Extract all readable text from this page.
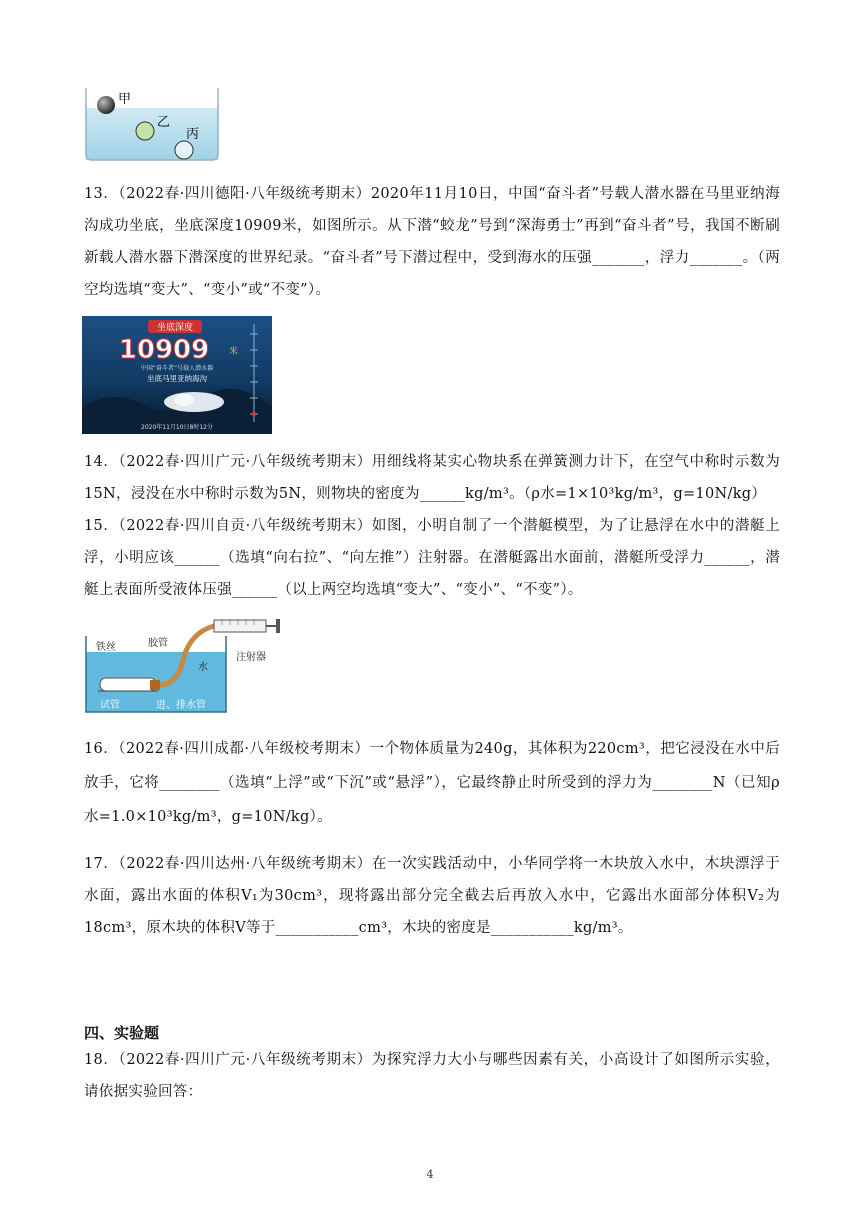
甲
乙
丙

13．（2022春·四川德阳·八年级统考期末）2020年11月10日，中国“奋斗者”号载人潜水器在马里亚纳海沟成功坐底，坐底深度10909米，如图所示。从下潜“蛟龙”号到“深海勇士”再到“奋斗者”号，我国不断刷新载人潜水器下潜深度的世界纪录。“奋斗者”号下潜过程中，受到海水的压强_______，浮力_______。（两空均选填“变大”、“变小”或“不变”）。

坐底深度
10909 米
中国“奋斗者”号载人潜水器
坐底马里亚纳海沟
2020年11月10日8时12分

14．（2022春·四川广元·八年级统考期末）用细线将某实心物块系在弹簧测力计下，在空气中称时示数为15N，浸没在水中称时示数为5N，则物块的密度为______kg/m³。（ρ水=1×10³kg/m³，g=10N/kg）

15．（2022春·四川自贡·八年级统考期末）如图，小明自制了一个潜艇模型，为了让悬浮在水中的潜艇上浮，小明应该______（选填“向右拉”、“向左推”）注射器。在潜艇露出水面前，潜艇所受浮力______，潜艇上表面所受液体压强______（以上两空均选填“变大”、“变小”、“不变”）。

铁丝	胶管
水
注射器
试管	进、排水管

16．（2022春·四川成都·八年级校考期末）一个物体质量为240g，其体积为220cm³，把它浸没在水中后放手，它将________（选填“上浮”或“下沉”或“悬浮”），它最终静止时所受到的浮力为________N（已知ρ水=1.0×10³kg/m³，g=10N/kg）。

17．（2022春·四川达州·八年级统考期末）在一次实践活动中，小华同学将一木块放入水中，木块漂浮于水面，露出水面的体积V₁为30cm³，现将露出部分完全截去后再放入水中，它露出水面部分体积V₂为18cm³，原木块的体积V等于___________cm³，木块的密度是___________kg/m³。

四、实验题

18．（2022春·四川广元·八年级统考期末）为探究浮力大小与哪些因素有关，小高设计了如图所示实验，请依据实验回答：

4
